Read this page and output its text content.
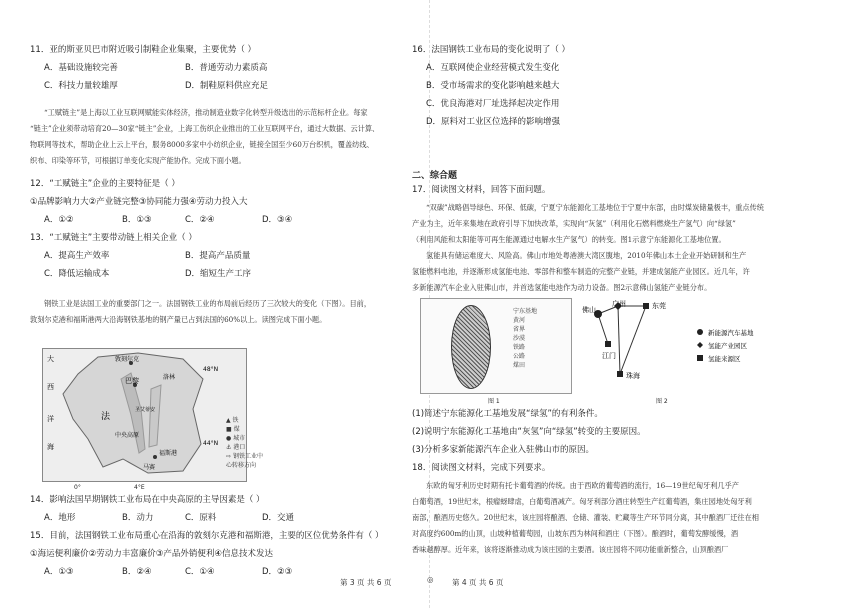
11．亚的斯亚贝巴市附近吸引制鞋企业集聚，主要优势（ ）
A．基础设施较完善	B．普通劳动力素质高
C．科技力量较雄厚	D．制鞋原料供应充足

“工赋链主”是上海以工业互联网赋能实体经济，推动制造业数字化转型升级选出的示范标杆企业。每家

“链主”企业须带动培育20—30家“链主”企业，上海工伤织企业推出的工业互联网平台，通过大数据、云计算、

物联网等技术，帮助企业上云上平台，服务8000多家中小纺织企业，链接全国至少60万台织机，覆盖纺线、

织布、印染等环节，可根据订单变化实现产能协作。完成下面小题。

12．“工赋链主”企业的主要特征是（ ）
①品牌影响力大②产业链完整③协同能力强④劳动力投入大
A．①②	B．①③	C．②④	D．③④
13．“工赋链主”主要带动链上相关企业（ ）
A．提高生产效率	B．提高产品质量
C．降低运输成本	D．缩短生产工序

钢铁工业是法国工业的重要部门之一。法国钢铁工业的布局前后经历了三次较大的变化（下图）。目前，

敦刻尔克港和福斯港两大沿海钢铁基地的钢产量已占到法国的60%以上。读图完成下面小题。

敦刻尔克
巴黎	洛林
法
大
西
洋
海
中央高原
圣艾蒂安
福斯港
马赛
48°N
44°N
▲ 铁
■ 煤
● 城市
⚓ 港口
⇨ 钢铁工业中心转移方向
0°	4°E
14．影响法国早期钢铁工业布局在中央高原的主导因素是（ ）
A．地形	B．动力	C．原料	D．交通
15．目前，法国钢铁工业布局重心在沿海的敦刻尔克港和福斯港，主要的区位优势条件有（ ）
①海运便利廉价②劳动力丰富廉价③产品外销便利④信息技术发达
A．①③	B．②④	C．①④	D．②③
第 3 页 共 6 页	◎
16．法国钢铁工业布局的变化说明了（ ）
A．互联网使企业经营模式发生变化
B．受市场需求的变化影响越来越大
C．优良海港对厂址选择起决定作用
D．原料对工业区位选择的影响增强
二、综合题
17．阅读图文材料，回答下面问题。

“双碳”战略倡导绿色、环保、低碳，宁夏宁东能源化工基地位于宁夏中东部，由时煤炭储量极丰，重点传统

产业为主，近年来集地在政府引导下加快改革，实现向“灰氢”（利用化石燃料燃烧生产氢气）向“绿氢”

（利用风能和太阳能等可再生能源通过电解水生产氢气）的转变。图1示意宁东能源化工基地位置。

氢能具有储运难度大、风险高。佛山市地处粤港澳大湾区腹地，2010年佛山本土企业开始研制和生产

氢能燃料电池，并逐渐形成氢能电池、零部件和整车制造的完整产业链，并建成氢能产业园区。近几年，许

多新能源汽车企业入驻佛山市，并首选氢能电池作为动力设备。图2示意佛山氢能产业链分布。

宁东基地
黄河
省界
沙漠
铁路
公路
煤田
图 1
佛山
广州	东莞
江门
珠海
新能源汽车基地
氢能产业园区
氢能来源区
图 2
(1)简述宁东能源化工基地发展“绿氢”的有利条件。
(2)说明宁东能源化工基地由“灰氢”向“绿氢”转变的主要原因。
(3)分析多家新能源汽车企业入驻佛山市的原因。
18．阅读图文材料，完成下列要求。

东欧的匈牙利历史时期有托卡葡萄酒的传统。由于西欧的葡萄酒的流行，16—19世纪匈牙利几乎产

白葡萄酒，19世纪末，根瘤蚜肆虐，白葡萄酒减产。匈牙利部分酒庄转型生产红葡萄酒，集庄园地处匈牙利

南部，酿酒历史悠久。20世纪末，该庄园将酿酒、仓储、灌装、贮藏等生产环节同分离，其中酿酒厂迁往在相

对高度约600m的山顶，山坡种植葡萄园，山坡东西为林间和酒庄（下图）。酿酒时，葡萄发酵缓慢，酒

香味越醇厚。近年来，该将逐渐推动成为该庄园的主要酒。该庄园将不同功能重新整合，山顶酿酒厂

第 4 页 共 6 页
